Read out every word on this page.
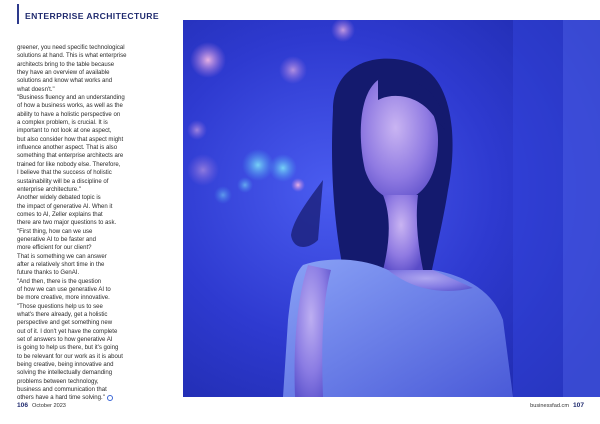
ENTERPRISE ARCHITECTURE
greener, you need specific technological
solutions at hand. This is what enterprise
architects bring to the table because
they have an overview of available
solutions and know what works and
what doesn't."
"Business fluency and an understanding
of how a business works, as well as the
ability to have a holistic perspective on
a complex problem, is crucial. It is
important to not look at one aspect,
but also consider how that aspect might
influence another aspect. That is also
something that enterprise architects are
trained for like nobody else. Therefore,
I believe that the success of holistic
sustainability will be a discipline of
enterprise architecture."
Another widely debated topic is
the impact of generative AI. When it
comes to AI, Zeller explains that
there are two major questions to ask.
"First thing, how can we use
generative AI to be faster and
more efficient for our client?
That is something we can answer
after a relatively short time in the
future thanks to GenAI.
"And then, there is the question
of how we can use generative AI to
be more creative, more innovative.
"Those questions help us to see
what's there already, get a holistic
perspective and get something new
out of it. I don't yet have the complete
set of answers to how generative AI
is going to help us there, but it's going
to be relevant for our work as it is about
being creative, being innovative and
solving the intellectually demanding
problems between technology,
business and communication that
others have a hard time solving."
106 October 2023	businessfad.cm 107
